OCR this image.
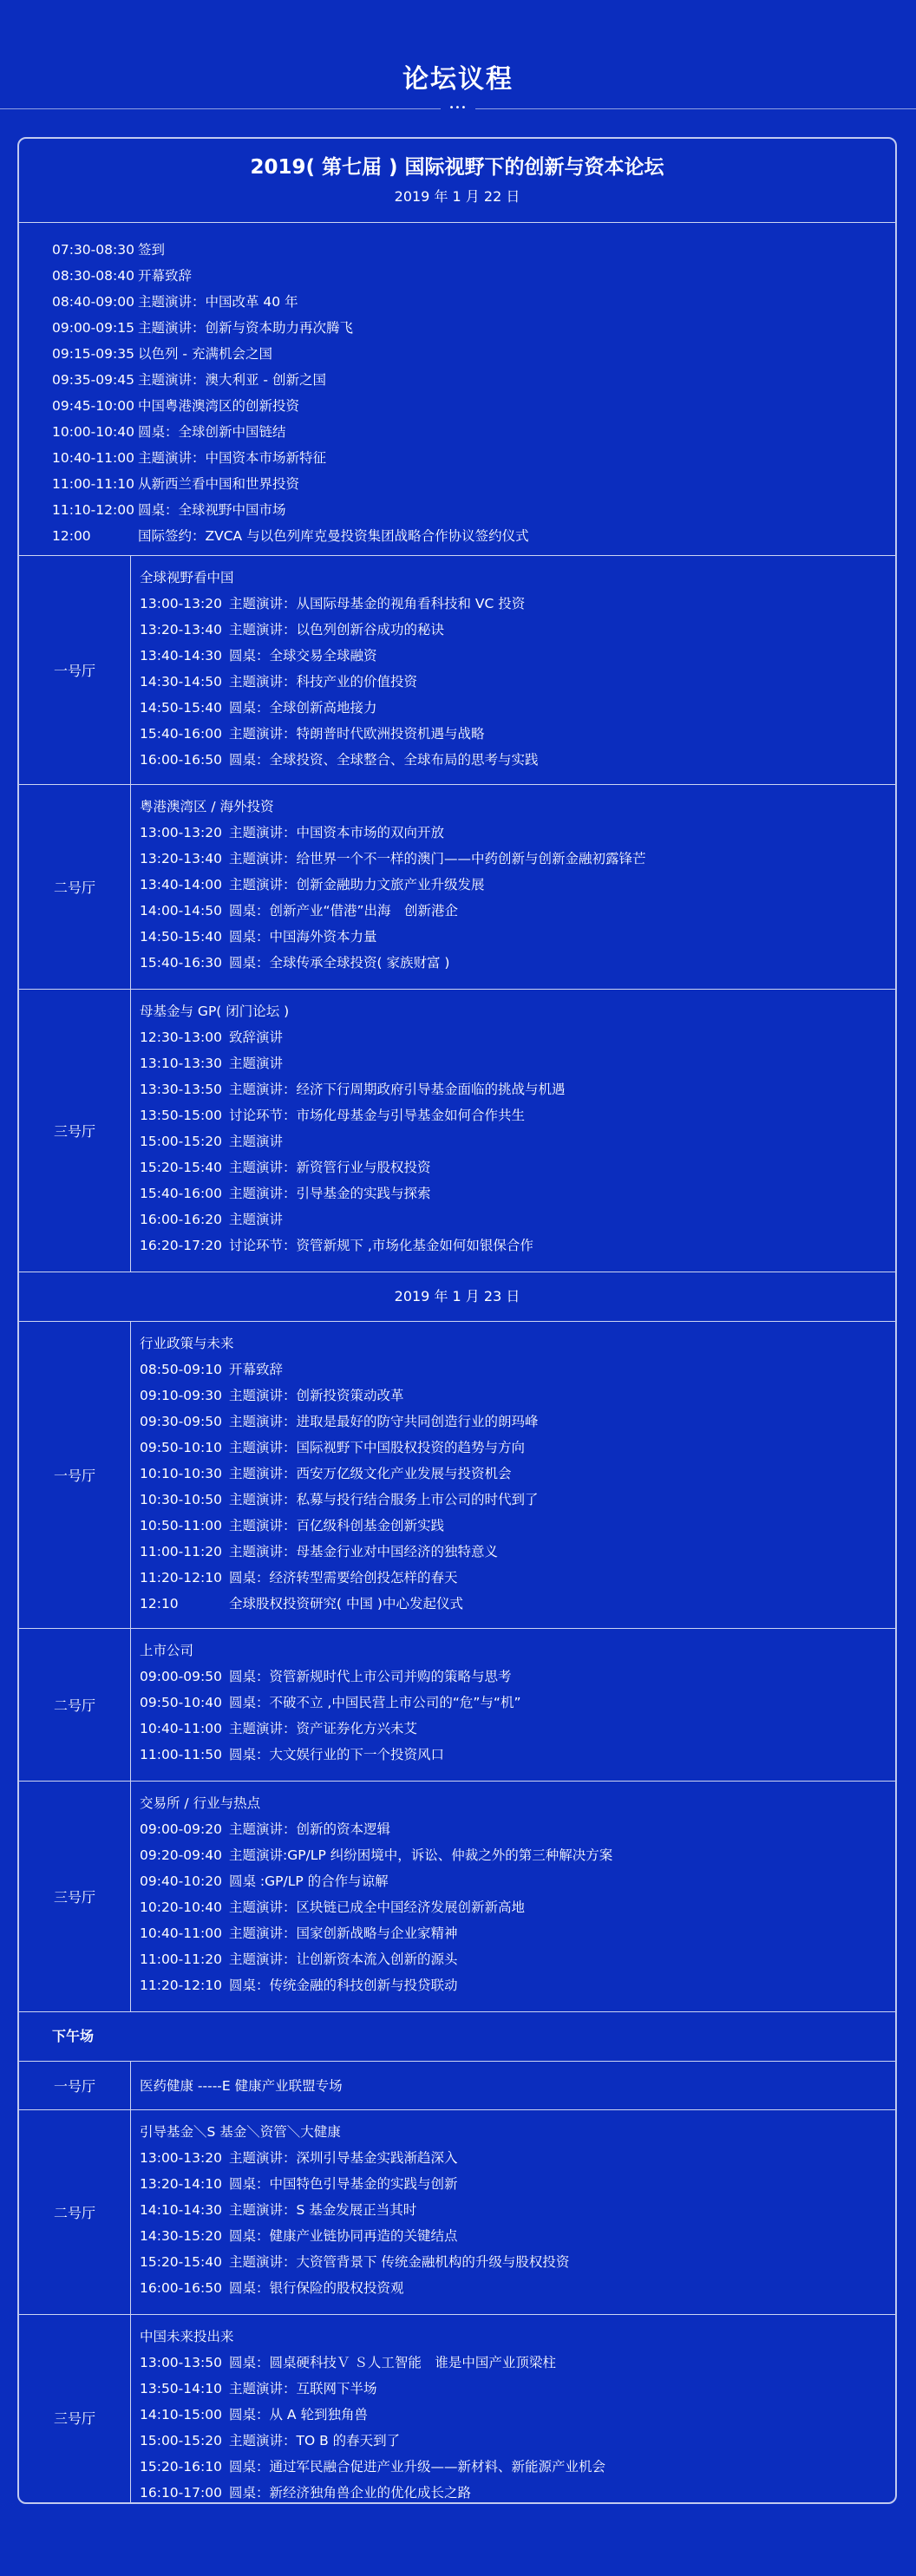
论坛议程
•••
2019( 第七届 ) 国际视野下的创新与资本论坛
2019 年 1 月 22 日
07:30-08:30 签到
08:30-08:40 开幕致辞
08:40-09:00 主题演讲：中国改革 40 年
09:00-09:15 主题演讲：创新与资本助力再次腾飞
09:15-09:35 以色列 - 充满机会之国
09:35-09:45 主题演讲：澳大利亚 - 创新之国
09:45-10:00 中国粤港澳湾区的创新投资
10:00-10:40 圆桌：全球创新中国链结
10:40-11:00 主题演讲：中国资本市场新特征
11:00-11:10 从新西兰看中国和世界投资
11:10-12:00 圆桌：全球视野中国市场
12:00	国际签约：ZVCA 与以色列库克曼投资集团战略合作协议签约仪式
一号厅
全球视野看中国
13:00-13:20 主题演讲：从国际母基金的视角看科技和 VC 投资
13:20-13:40 主题演讲：以色列创新谷成功的秘诀
13:40-14:30 圆桌：全球交易全球融资
14:30-14:50 主题演讲：科技产业的价值投资
14:50-15:40 圆桌：全球创新高地接力
15:40-16:00 主题演讲：特朗普时代欧洲投资机遇与战略
16:00-16:50 圆桌：全球投资、全球整合、全球布局的思考与实践
二号厅
粤港澳湾区 / 海外投资
13:00-13:20 主题演讲：中国资本市场的双向开放
13:20-13:40 主题演讲：给世界一个不一样的澳门——中药创新与创新金融初露锋芒
13:40-14:00 主题演讲：创新金融助力文旅产业升级发展
14:00-14:50 圆桌：创新产业“借港”出海　创新港企
14:50-15:40 圆桌：中国海外资本力量
15:40-16:30 圆桌：全球传承全球投资( 家族财富 )
三号厅
母基金与 GP( 闭门论坛 )
12:30-13:00 致辞演讲
13:10-13:30 主题演讲
13:30-13:50 主题演讲：经济下行周期政府引导基金面临的挑战与机遇
13:50-15:00 讨论环节：市场化母基金与引导基金如何合作共生
15:00-15:20 主题演讲
15:20-15:40 主题演讲：新资管行业与股权投资
15:40-16:00 主题演讲：引导基金的实践与探索
16:00-16:20 主题演讲
16:20-17:20 讨论环节：资管新规下 ,市场化基金如何如银保合作
2019 年 1 月 23 日
一号厅
行业政策与未来
08:50-09:10 开幕致辞
09:10-09:30 主题演讲：创新投资策动改革
09:30-09:50 主题演讲：进取是最好的防守共同创造行业的朗玛峰
09:50-10:10 主题演讲：国际视野下中国股权投资的趋势与方向
10:10-10:30 主题演讲：西安万亿级文化产业发展与投资机会
10:30-10:50 主题演讲：私募与投行结合服务上市公司的时代到了
10:50-11:00 主题演讲：百亿级科创基金创新实践
11:00-11:20 主题演讲：母基金行业对中国经济的独特意义
11:20-12:10 圆桌：经济转型需要给创投怎样的春天
12:10	全球股权投资研究( 中国 )中心发起仪式
二号厅
上市公司
09:00-09:50 圆桌：资管新规时代上市公司并购的策略与思考
09:50-10:40 圆桌：不破不立 ,中国民营上市公司的“危”与“机”
10:40-11:00 主题演讲：资产证券化方兴未艾
11:00-11:50 圆桌：大文娱行业的下一个投资风口
三号厅
交易所 / 行业与热点
09:00-09:20 主题演讲：创新的资本逻辑
09:20-09:40 主题演讲:GP/LP 纠纷困境中，诉讼、仲裁之外的第三种解决方案
09:40-10:20 圆桌 :GP/LP 的合作与谅解
10:20-10:40 主题演讲：区块链已成全中国经济发展创新新高地
10:40-11:00 主题演讲：国家创新战略与企业家精神
11:00-11:20 主题演讲：让创新资本流入创新的源头
11:20-12:10 圆桌：传统金融的科技创新与投贷联动
下午场
一号厅	医药健康 -----E 健康产业联盟专场
二号厅
引导基金＼S 基金＼资管＼大健康
13:00-13:20 主题演讲：深圳引导基金实践渐趋深入
13:20-14:10 圆桌：中国特色引导基金的实践与创新
14:10-14:30 主题演讲：S 基金发展正当其时
14:30-15:20 圆桌：健康产业链协同再造的关键结点
15:20-15:40 主题演讲：大资管背景下 传统金融机构的升级与股权投资
16:00-16:50 圆桌：银行保险的股权投资观
三号厅
中国未来投出来
13:00-13:50 圆桌：圆桌硬科技Ｖ Ｓ人工智能　谁是中国产业顶梁柱
13:50-14:10 主题演讲：互联网下半场
14:10-15:00 圆桌：从 A 轮到独角兽
15:00-15:20 主题演讲：TO B 的春天到了
15:20-16:10 圆桌：通过军民融合促进产业升级——新材料、新能源产业机会
16:10-17:00 圆桌：新经济独角兽企业的优化成长之路
